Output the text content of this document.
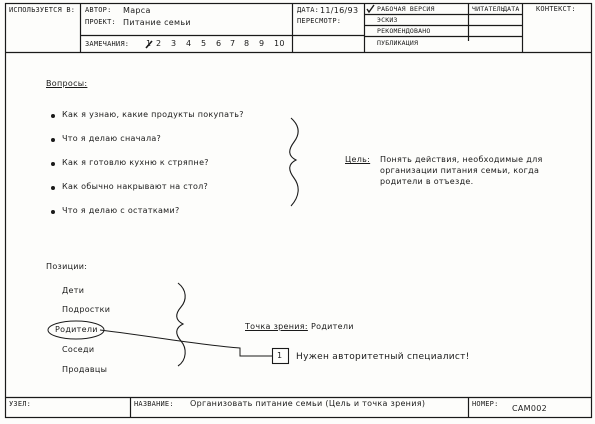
ИСПОЛЬЗУЕТСЯ В: АВТОР: Марса
ПРОЕКТ: Питание семьи
ЗАМЕЧАНИЯ: 1 2 3 4 5 6 7 8 9 10
ДАТА: 11/16/93
ПЕРЕСМОТР:
РАБОЧАЯ ВЕРСИЯ
ЭСКИЗ
РЕКОМЕНДОВАНО
ПУБЛИКАЦИЯ
ЧИТАТЕЛЬ
ДАТА КОНТЕКСТ:
Вопросы:
Как я узнаю, какие продукты покупать?
Что я делаю сначала?
Как я готовлю кухню к стряпне?
Как обычно накрывают на стол?
Что я делаю с остатками?
Цель: Понять действия, необходимые для
организации питания семьи, когда
родители в отъезде.
Позиции:
Дети
Подростки
Родители
Соседи
Продавцы
Точка зрения: Родители
1 Нужен авторитетный специалист!
УЗЕЛ:	НАЗВАНИЕ: Организовать питание семьи (Цель и точка зрения)	НОМЕР: CAM002
